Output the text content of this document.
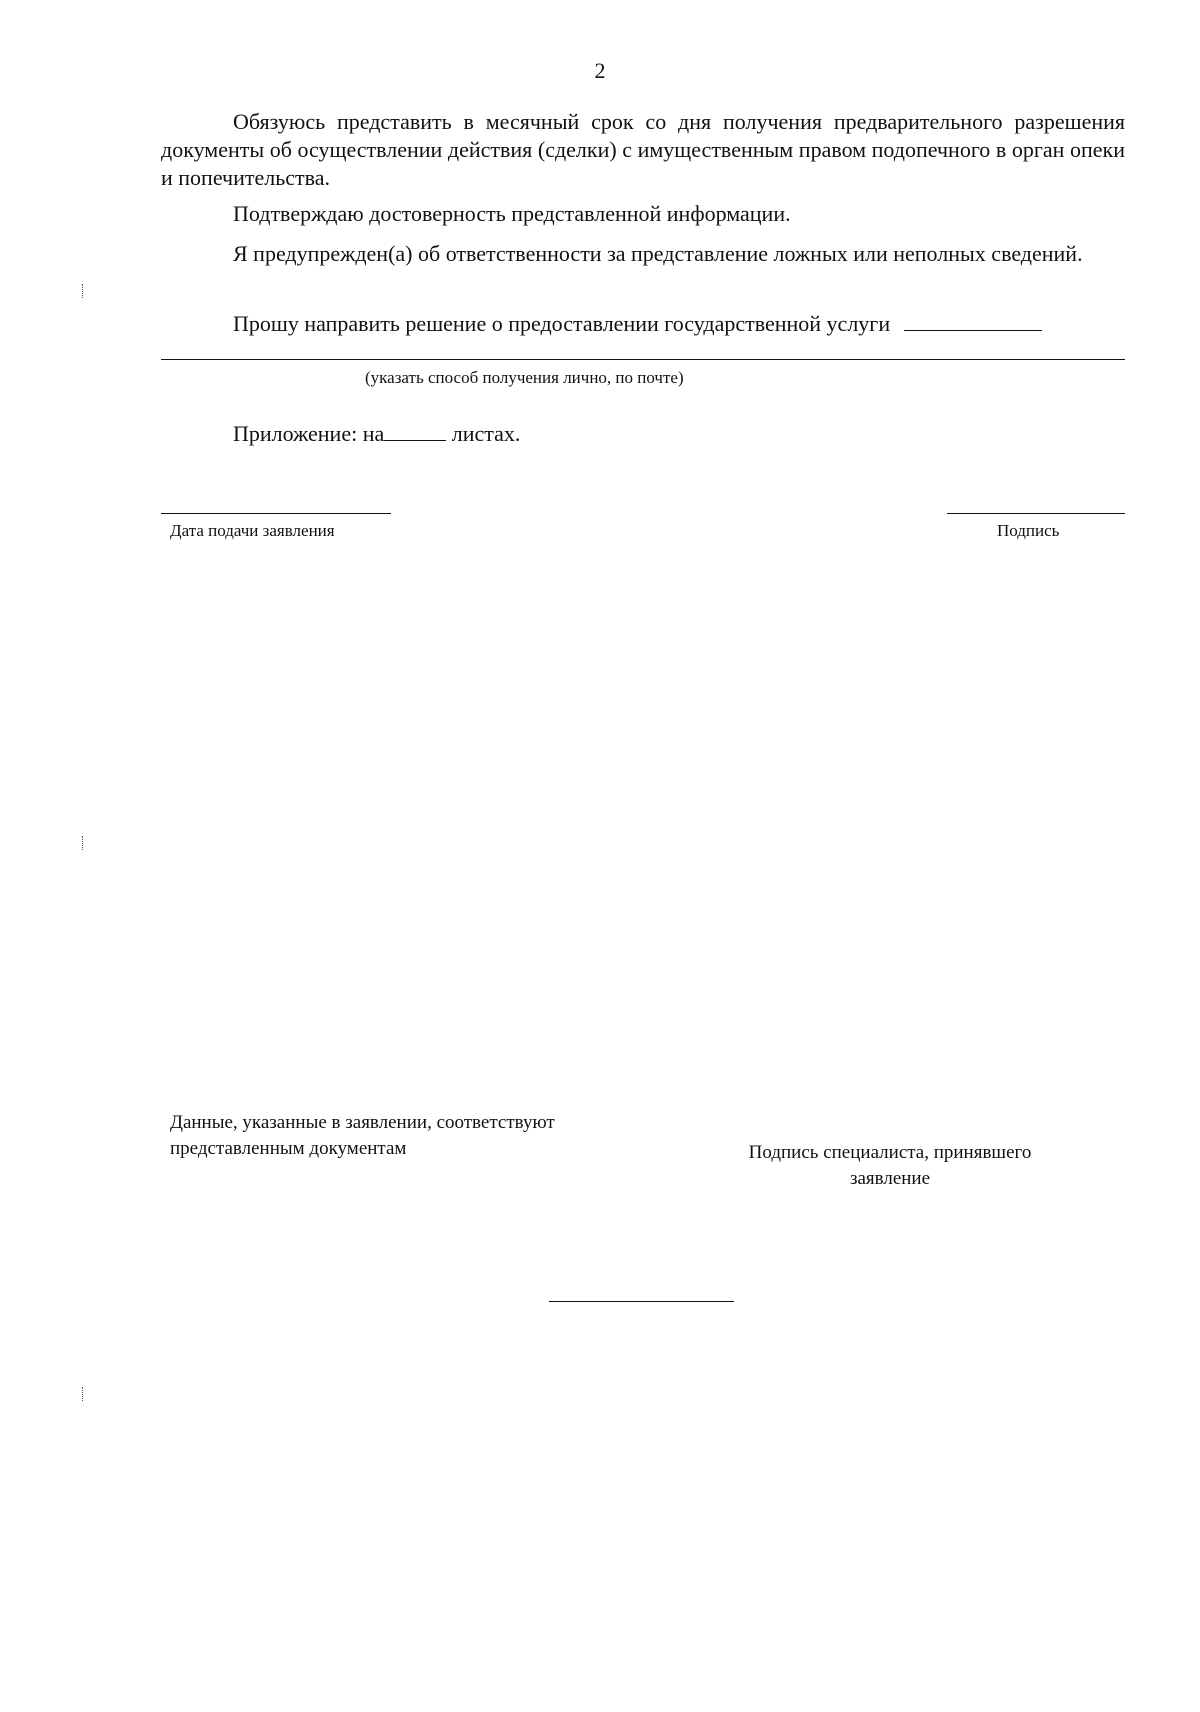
2
Обязуюсь представить в месячный срок со дня получения предварительного разрешения документы об осуществлении действия (сделки) с имущественным правом подопечного в орган опеки и попечительства.
Подтверждаю достоверность представленной информации.
Я предупрежден(а) об ответственности за представление ложных или неполных сведений.
Прошу направить решение о предоставлении государственной услуги
(указать способ получения лично, по почте)
Приложение: на	листах.
Дата подачи заявления	Подпись
Данные, указанные в заявлении, соответствуют
представленным документам	Подпись специалиста, принявшего
заявление
